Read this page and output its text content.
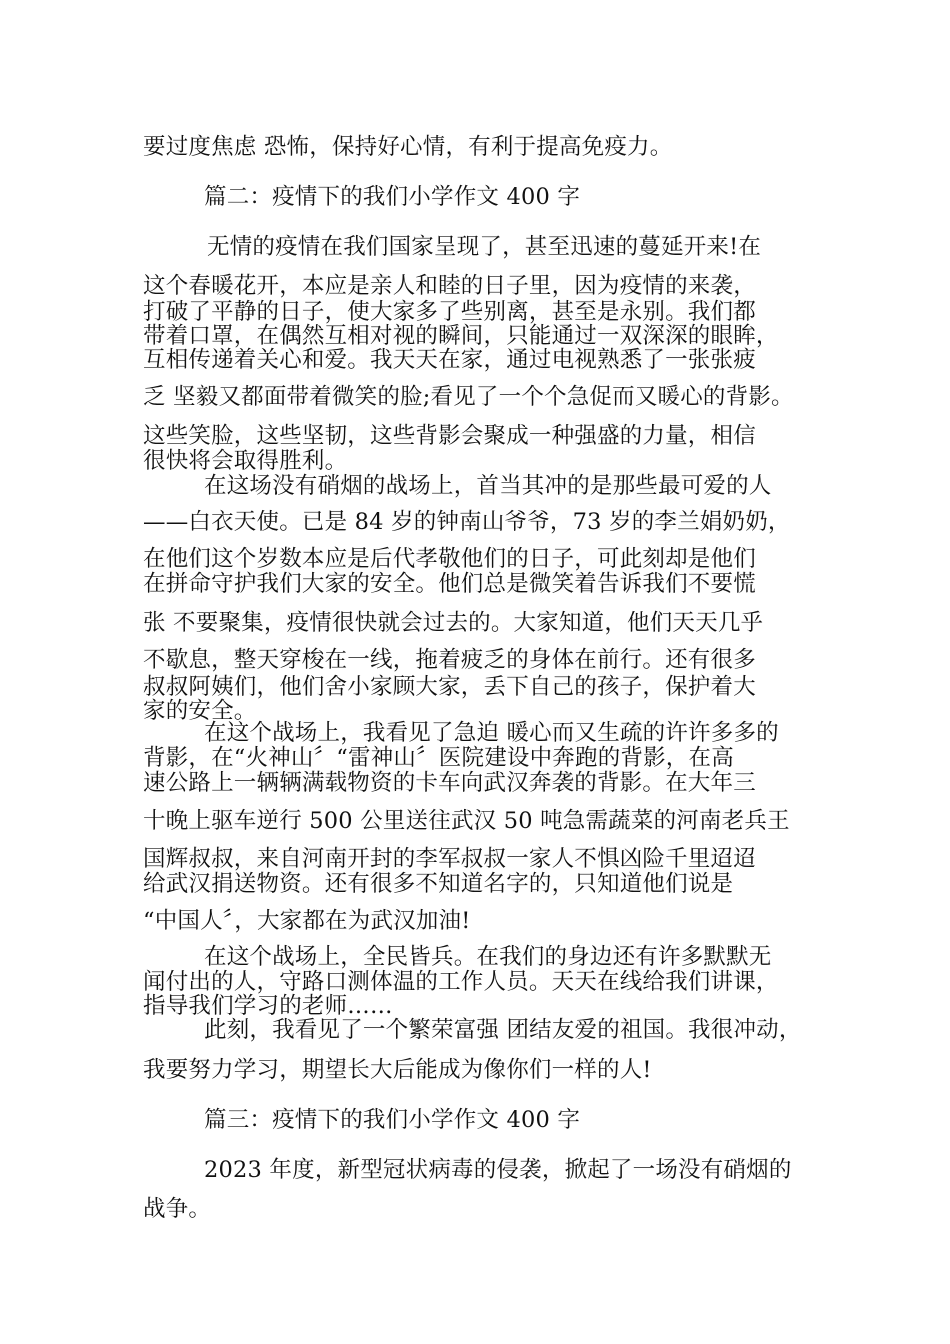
要过度焦虑 恐怖，保持好心情，有利于提高免疫力。
篇二：疫情下的我们小学作文 400 字
无情的疫情在我们国家呈现了，甚至迅速的蔓延开来!在
这个春暖花开，本应是亲人和睦的日子里，因为疫情的来袭，
打破了平静的日子，使大家多了些别离，甚至是永别。我们都
带着口罩，在偶然互相对视的瞬间，只能通过一双深深的眼眸，
互相传递着关心和爱。我天天在家，通过电视熟悉了一张张疲
乏 坚毅又都面带着微笑的脸;看见了一个个急促而又暖心的背影。
这些笑脸，这些坚韧，这些背影会聚成一种强盛的力量，相信
很快将会取得胜利。
在这场没有硝烟的战场上，首当其冲的是那些最可爱的人
——白衣天使。已是 84 岁的钟南山爷爷，73 岁的李兰娟奶奶，
在他们这个岁数本应是后代孝敬他们的日子，可此刻却是他们
在拼命守护我们大家的安全。他们总是微笑着告诉我们不要慌
张 不要聚集，疫情很快就会过去的。大家知道，他们天天几乎
不歇息，整天穿梭在一线，拖着疲乏的身体在前行。还有很多
叔叔阿姨们，他们舍小家顾大家，丢下自己的孩子，保护着大
家的安全。
在这个战场上，我看见了急迫 暖心而又生疏的许许多多的
背影，在“火神山〞“雷神山〞医院建设中奔跑的背影，在高
速公路上一辆辆满载物资的卡车向武汉奔袭的背影。在大年三
十晚上驱车逆行 500 公里送往武汉 50 吨急需蔬菜的河南老兵王
国辉叔叔，来自河南开封的李军叔叔一家人不惧凶险千里迢迢
给武汉捐送物资。还有很多不知道名字的，只知道他们说是
“中国人〞，大家都在为武汉加油!
在这个战场上，全民皆兵。在我们的身边还有许多默默无
闻付出的人，守路口测体温的工作人员。天天在线给我们讲课，
指导我们学习的老师……
此刻，我看见了一个繁荣富强 团结友爱的祖国。我很冲动，
我要努力学习，期望长大后能成为像你们一样的人!
篇三：疫情下的我们小学作文 400 字
2023 年度，新型冠状病毒的侵袭，掀起了一场没有硝烟的
战争。
